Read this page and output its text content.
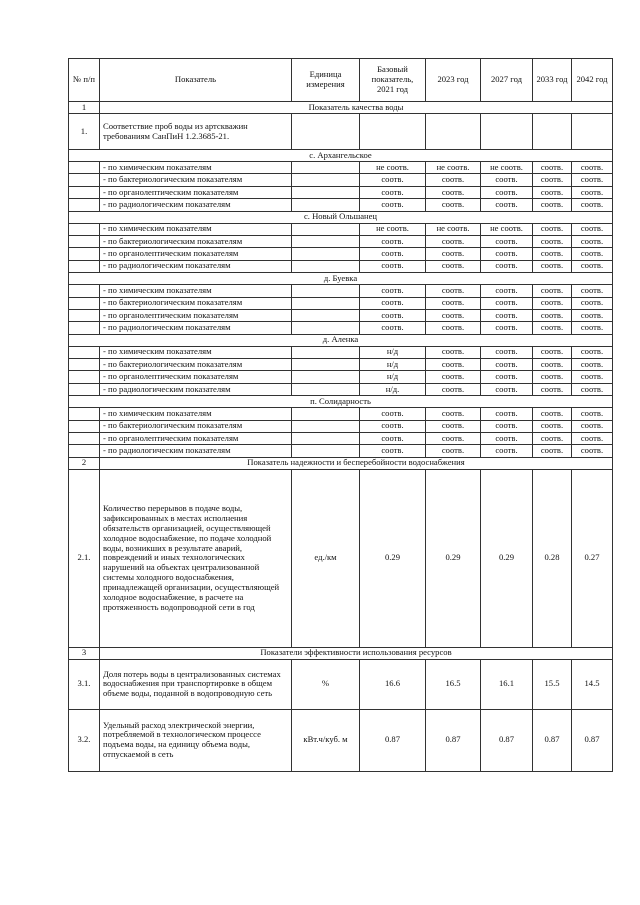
№ п/п	Показатель	Единица измерения	Базовый показатель, 2021 год	2023 год	2027 год	2033 год	2042 год
1	Показатель качества воды						
1.	Соответствие проб воды из артскважин требованиям СанПиН 1.2.3685-21.						
с. Архангельское							
	- по химическим показателям		не соотв.	не соотв.	не соотв.	соотв.	соотв.
	- по бактериологическим показателям		соотв.	соотв.	соотв.	соотв.	соотв.
	- по органолептическим показателям		соотв.	соотв.	соотв.	соотв.	соотв.
	- по радиологическим показателям		соотв.	соотв.	соотв.	соотв.	соотв.
с. Новый Ольшанец							
	- по химическим показателям		не соотв.	не соотв.	не соотв.	соотв.	соотв.
	- по бактериологическим показателям		соотв.	соотв.	соотв.	соотв.	соотв.
	- по органолептическим показателям		соотв.	соотв.	соотв.	соотв.	соотв.
	- по радиологическим показателям		соотв.	соотв.	соотв.	соотв.	соотв.
д. Буевка							
	- по химическим показателям		соотв.	соотв.	соотв.	соотв.	соотв.
	- по бактериологическим показателям		соотв.	соотв.	соотв.	соотв.	соотв.
	- по органолептическим показателям		соотв.	соотв.	соотв.	соотв.	соотв.
	- по радиологическим показателям		соотв.	соотв.	соотв.	соотв.	соотв.
д. Аленка							
	- по химическим показателям		н/д	соотв.	соотв.	соотв.	соотв.
	- по бактериологическим показателям		н/д	соотв.	соотв.	соотв.	соотв.
	- по органолептическим показателям		н/д	соотв.	соотв.	соотв.	соотв.
	- по радиологическим показателям		н/д.	соотв.	соотв.	соотв.	соотв.
п. Солидарность							
	- по химическим показателям		соотв.	соотв.	соотв.	соотв.	соотв.
	- по бактериологическим показателям		соотв.	соотв.	соотв.	соотв.	соотв.
	- по органолептическим показателям		соотв.	соотв.	соотв.	соотв.	соотв.
	- по радиологическим показателям		соотв.	соотв.	соотв.	соотв.	соотв.
2	Показатель надежности и бесперебойности водоснабжения						
2.1.	Количество перерывов в подаче воды, зафиксированных в местах исполнения обязательств организацией, осуществляющей холодное водоснабжение, по подаче холодной воды, возникших в результате аварий, повреждений и иных технологических нарушений на объектах централизованной системы холодного водоснабжения, принадлежащей организации, осуществляющей холодное водоснабжение, в расчете на протяженность водопроводной сети в год	ед./км	0.29	0.29	0.29	0.28	0.27
3	Показатели эффективности использования ресурсов						
3.1.	Доля потерь воды в централизованных системах водоснабжения при транспортировке в общем объеме воды, поданной в водопроводную сеть	%	16.6	16.5	16.1	15.5	14.5
3.2.	Удельный расход электрической энергии, потребляемой в технологическом процессе подъема воды, на единицу объема воды, отпускаемой в сеть	кВт.ч/куб. м	0.87	0.87	0.87	0.87	0.87
